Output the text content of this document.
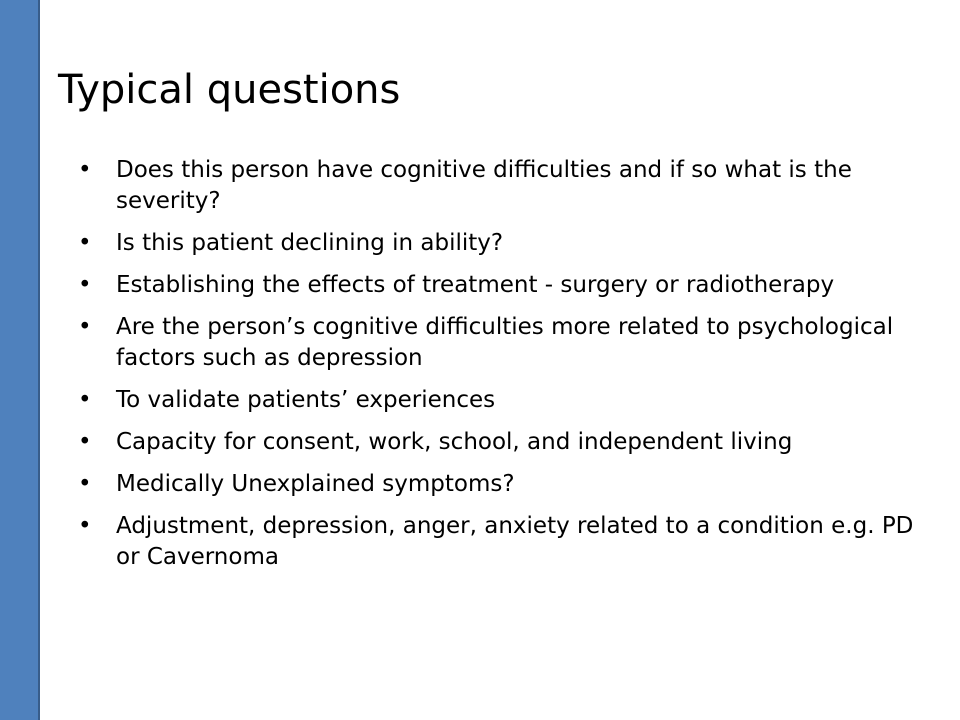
Typical questions
• Does this person have cognitive difficulties and if so what is the severity?
• Is this patient declining in ability?
• Establishing the effects of treatment - surgery or radiotherapy
• Are the person’s cognitive difficulties more related to psychological factors such as depression
• To validate patients’ experiences
• Capacity for consent, work, school, and independent living
• Medically Unexplained symptoms?
• Adjustment, depression, anger, anxiety related to a condition e.g. PD or Cavernoma
